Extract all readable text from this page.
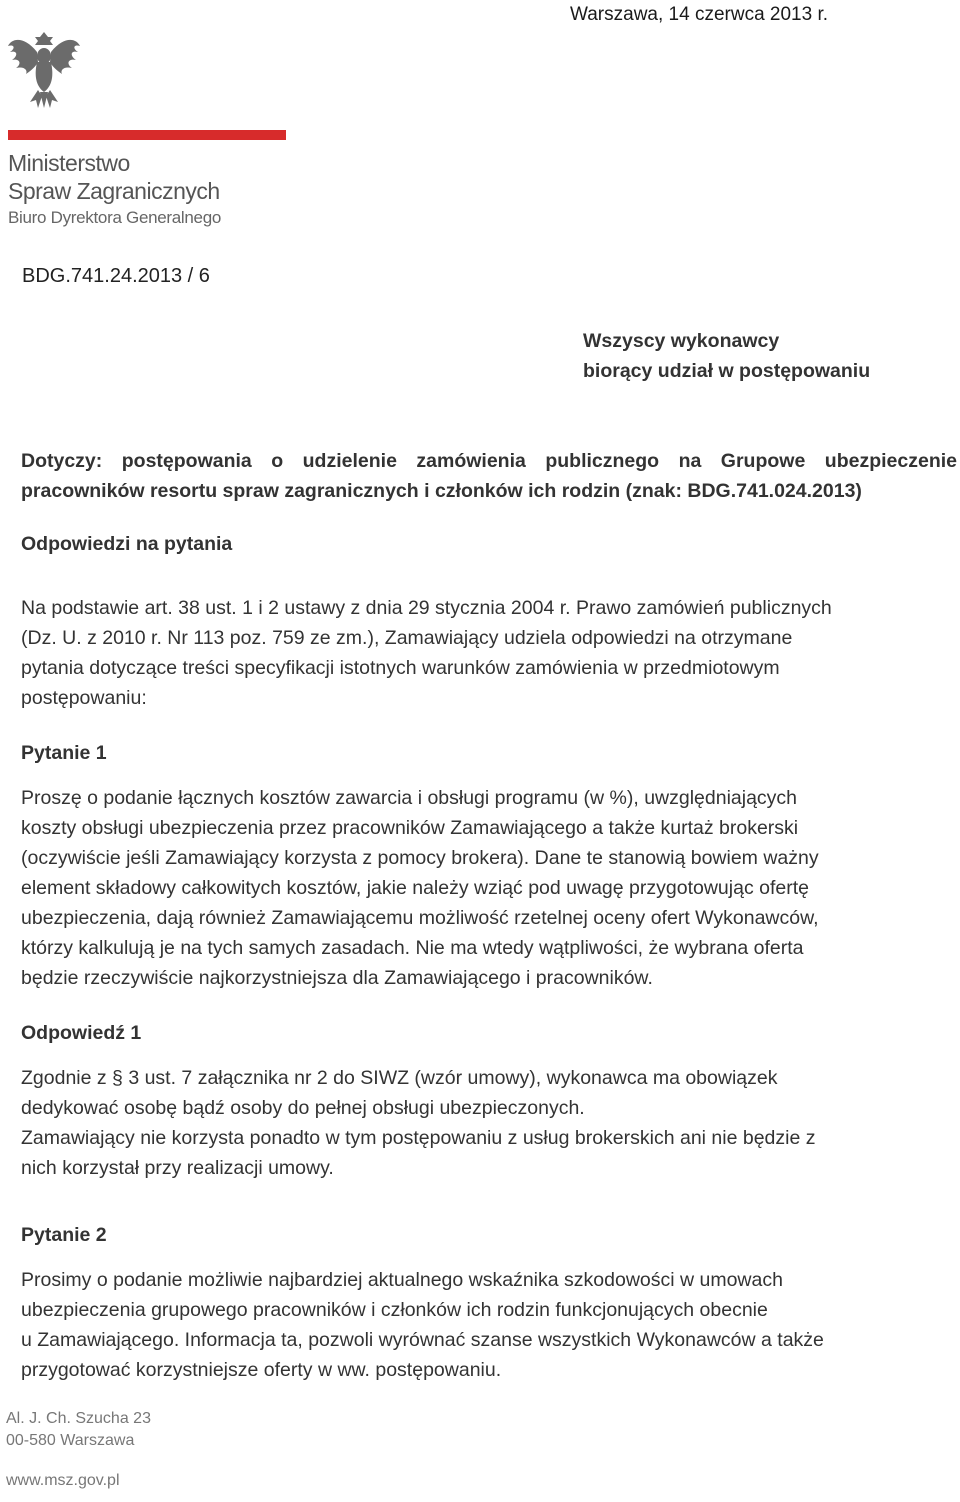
Warszawa, 14 czerwca 2013 r.
Ministerstwo
Spraw Zagranicznych
Biuro Dyrektora Generalnego
BDG.741.24.2013 / 6
Wszyscy wykonawcy
biorący udział w postępowaniu
Dotyczy: postępowania o udzielenie zamówienia publicznego na Grupowe ubezpieczenie pracowników resortu spraw zagranicznych i członków ich rodzin (znak: BDG.741.024.2013)
Odpowiedzi na pytania
Na podstawie art. 38 ust. 1 i 2 ustawy z dnia 29 stycznia 2004 r. Prawo zamówień publicznych
(Dz. U. z 2010 r. Nr 113 poz. 759 ze zm.), Zamawiający udziela odpowiedzi na otrzymane
pytania dotyczące treści specyfikacji istotnych warunków zamówienia w przedmiotowym
postępowaniu:
Pytanie 1
Proszę o podanie łącznych kosztów zawarcia i obsługi programu (w %), uwzględniających
koszty obsługi ubezpieczenia przez pracowników Zamawiającego a także kurtaż brokerski
(oczywiście jeśli Zamawiający korzysta z pomocy brokera). Dane te stanowią bowiem ważny
element składowy całkowitych kosztów, jakie należy wziąć pod uwagę przygotowując ofertę
ubezpieczenia, dają również Zamawiającemu możliwość rzetelnej oceny ofert Wykonawców,
którzy kalkulują je na tych samych zasadach. Nie ma wtedy wątpliwości, że wybrana oferta
będzie rzeczywiście najkorzystniejsza dla Zamawiającego i pracowników.
Odpowiedź 1
Zgodnie z § 3 ust. 7 załącznika nr 2 do SIWZ (wzór umowy), wykonawca ma obowiązek
dedykować osobę bądź osoby do pełnej obsługi ubezpieczonych.
Zamawiający nie korzysta ponadto w tym postępowaniu z usług brokerskich ani nie będzie z
nich korzystał przy realizacji umowy.
Pytanie 2
Prosimy o podanie możliwie najbardziej aktualnego wskaźnika szkodowości w umowach
ubezpieczenia grupowego pracowników i członków ich rodzin funkcjonujących obecnie
u Zamawiającego. Informacja ta, pozwoli wyrównać szanse wszystkich Wykonawców a także
przygotować korzystniejsze oferty w ww. postępowaniu.
Al. J. Ch. Szucha 23
00-580 Warszawa
www.msz.gov.pl
